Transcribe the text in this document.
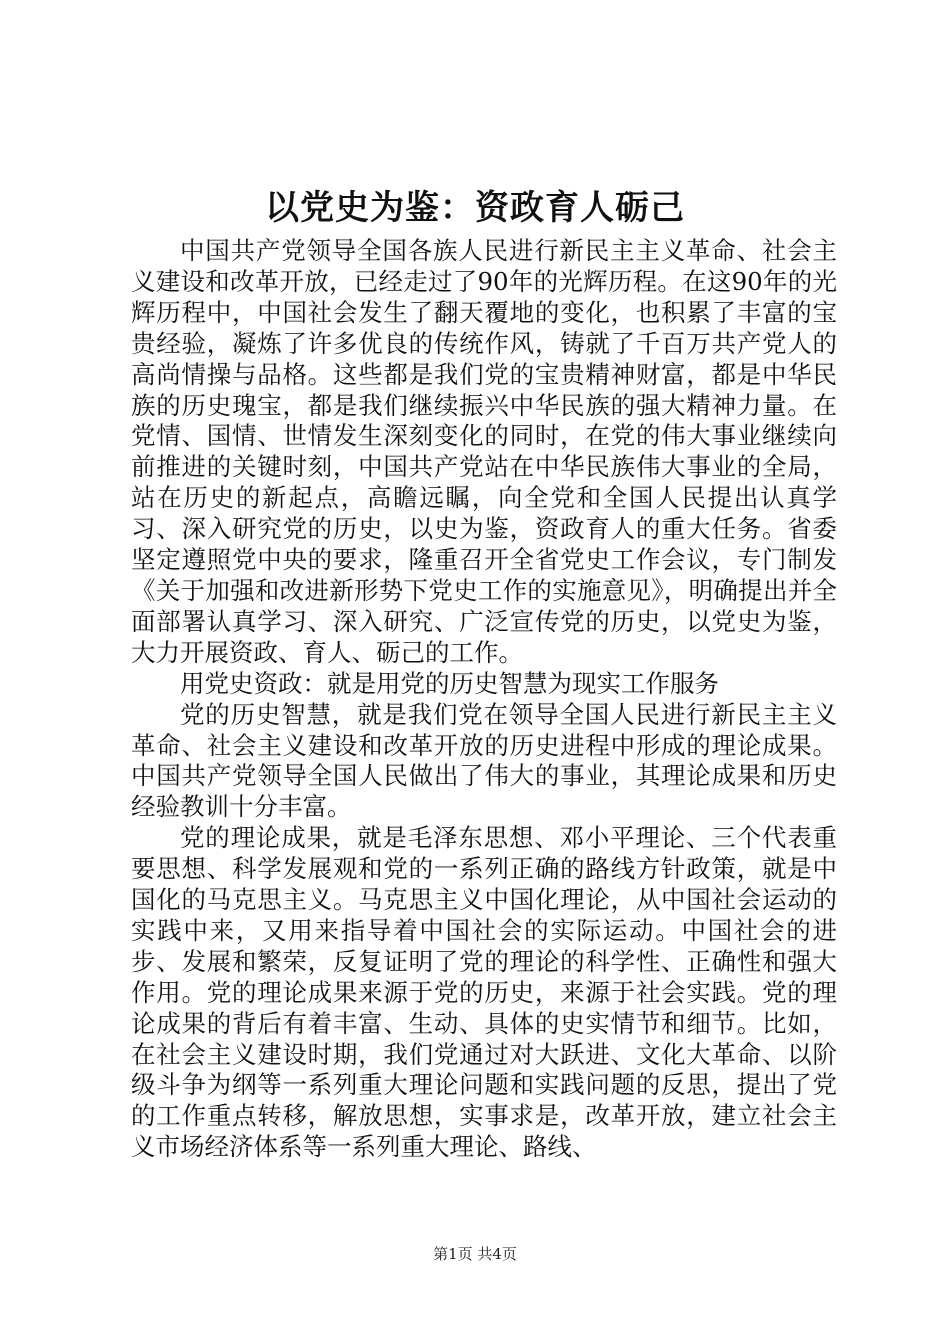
以党史为鉴：资政育人砺己

中国共产党领导全国各族人民进行新民主主义革命、社会主义建设和改革开放，已经走过了90年的光辉历程。在这90年的光辉历程中，中国社会发生了翻天覆地的变化，也积累了丰富的宝贵经验，凝炼了许多优良的传统作风，铸就了千百万共产党人的高尚情操与品格。这些都是我们党的宝贵精神财富，都是中华民族的历史瑰宝，都是我们继续振兴中华民族的强大精神力量。在党情、国情、世情发生深刻变化的同时，在党的伟大事业继续向前推进的关键时刻，中国共产党站在中华民族伟大事业的全局，站在历史的新起点，高瞻远瞩，向全党和全国人民提出认真学习、深入研究党的历史，以史为鉴，资政育人的重大任务。省委坚定遵照党中央的要求，隆重召开全省党史工作会议，专门制发《关于加强和改进新形势下党史工作的实施意见》，明确提出并全面部署认真学习、深入研究、广泛宣传党的历史，以党史为鉴，大力开展资政、育人、砺己的工作。

用党史资政：就是用党的历史智慧为现实工作服务

党的历史智慧，就是我们党在领导全国人民进行新民主主义革命、社会主义建设和改革开放的历史进程中形成的理论成果。中国共产党领导全国人民做出了伟大的事业，其理论成果和历史经验教训十分丰富。

党的理论成果，就是毛泽东思想、邓小平理论、三个代表重要思想、科学发展观和党的一系列正确的路线方针政策，就是中国化的马克思主义。马克思主义中国化理论，从中国社会运动的实践中来，又用来指导着中国社会的实际运动。中国社会的进步、发展和繁荣，反复证明了党的理论的科学性、正确性和强大作用。党的理论成果来源于党的历史，来源于社会实践。党的理论成果的背后有着丰富、生动、具体的史实情节和细节。比如，在社会主义建设时期，我们党通过对大跃进、文化大革命、以阶级斗争为纲等一系列重大理论问题和实践问题的反思，提出了党的工作重点转移，解放思想，实事求是，改革开放，建立社会主义市场经济体系等一系列重大理论、路线、

第1页 共4页
